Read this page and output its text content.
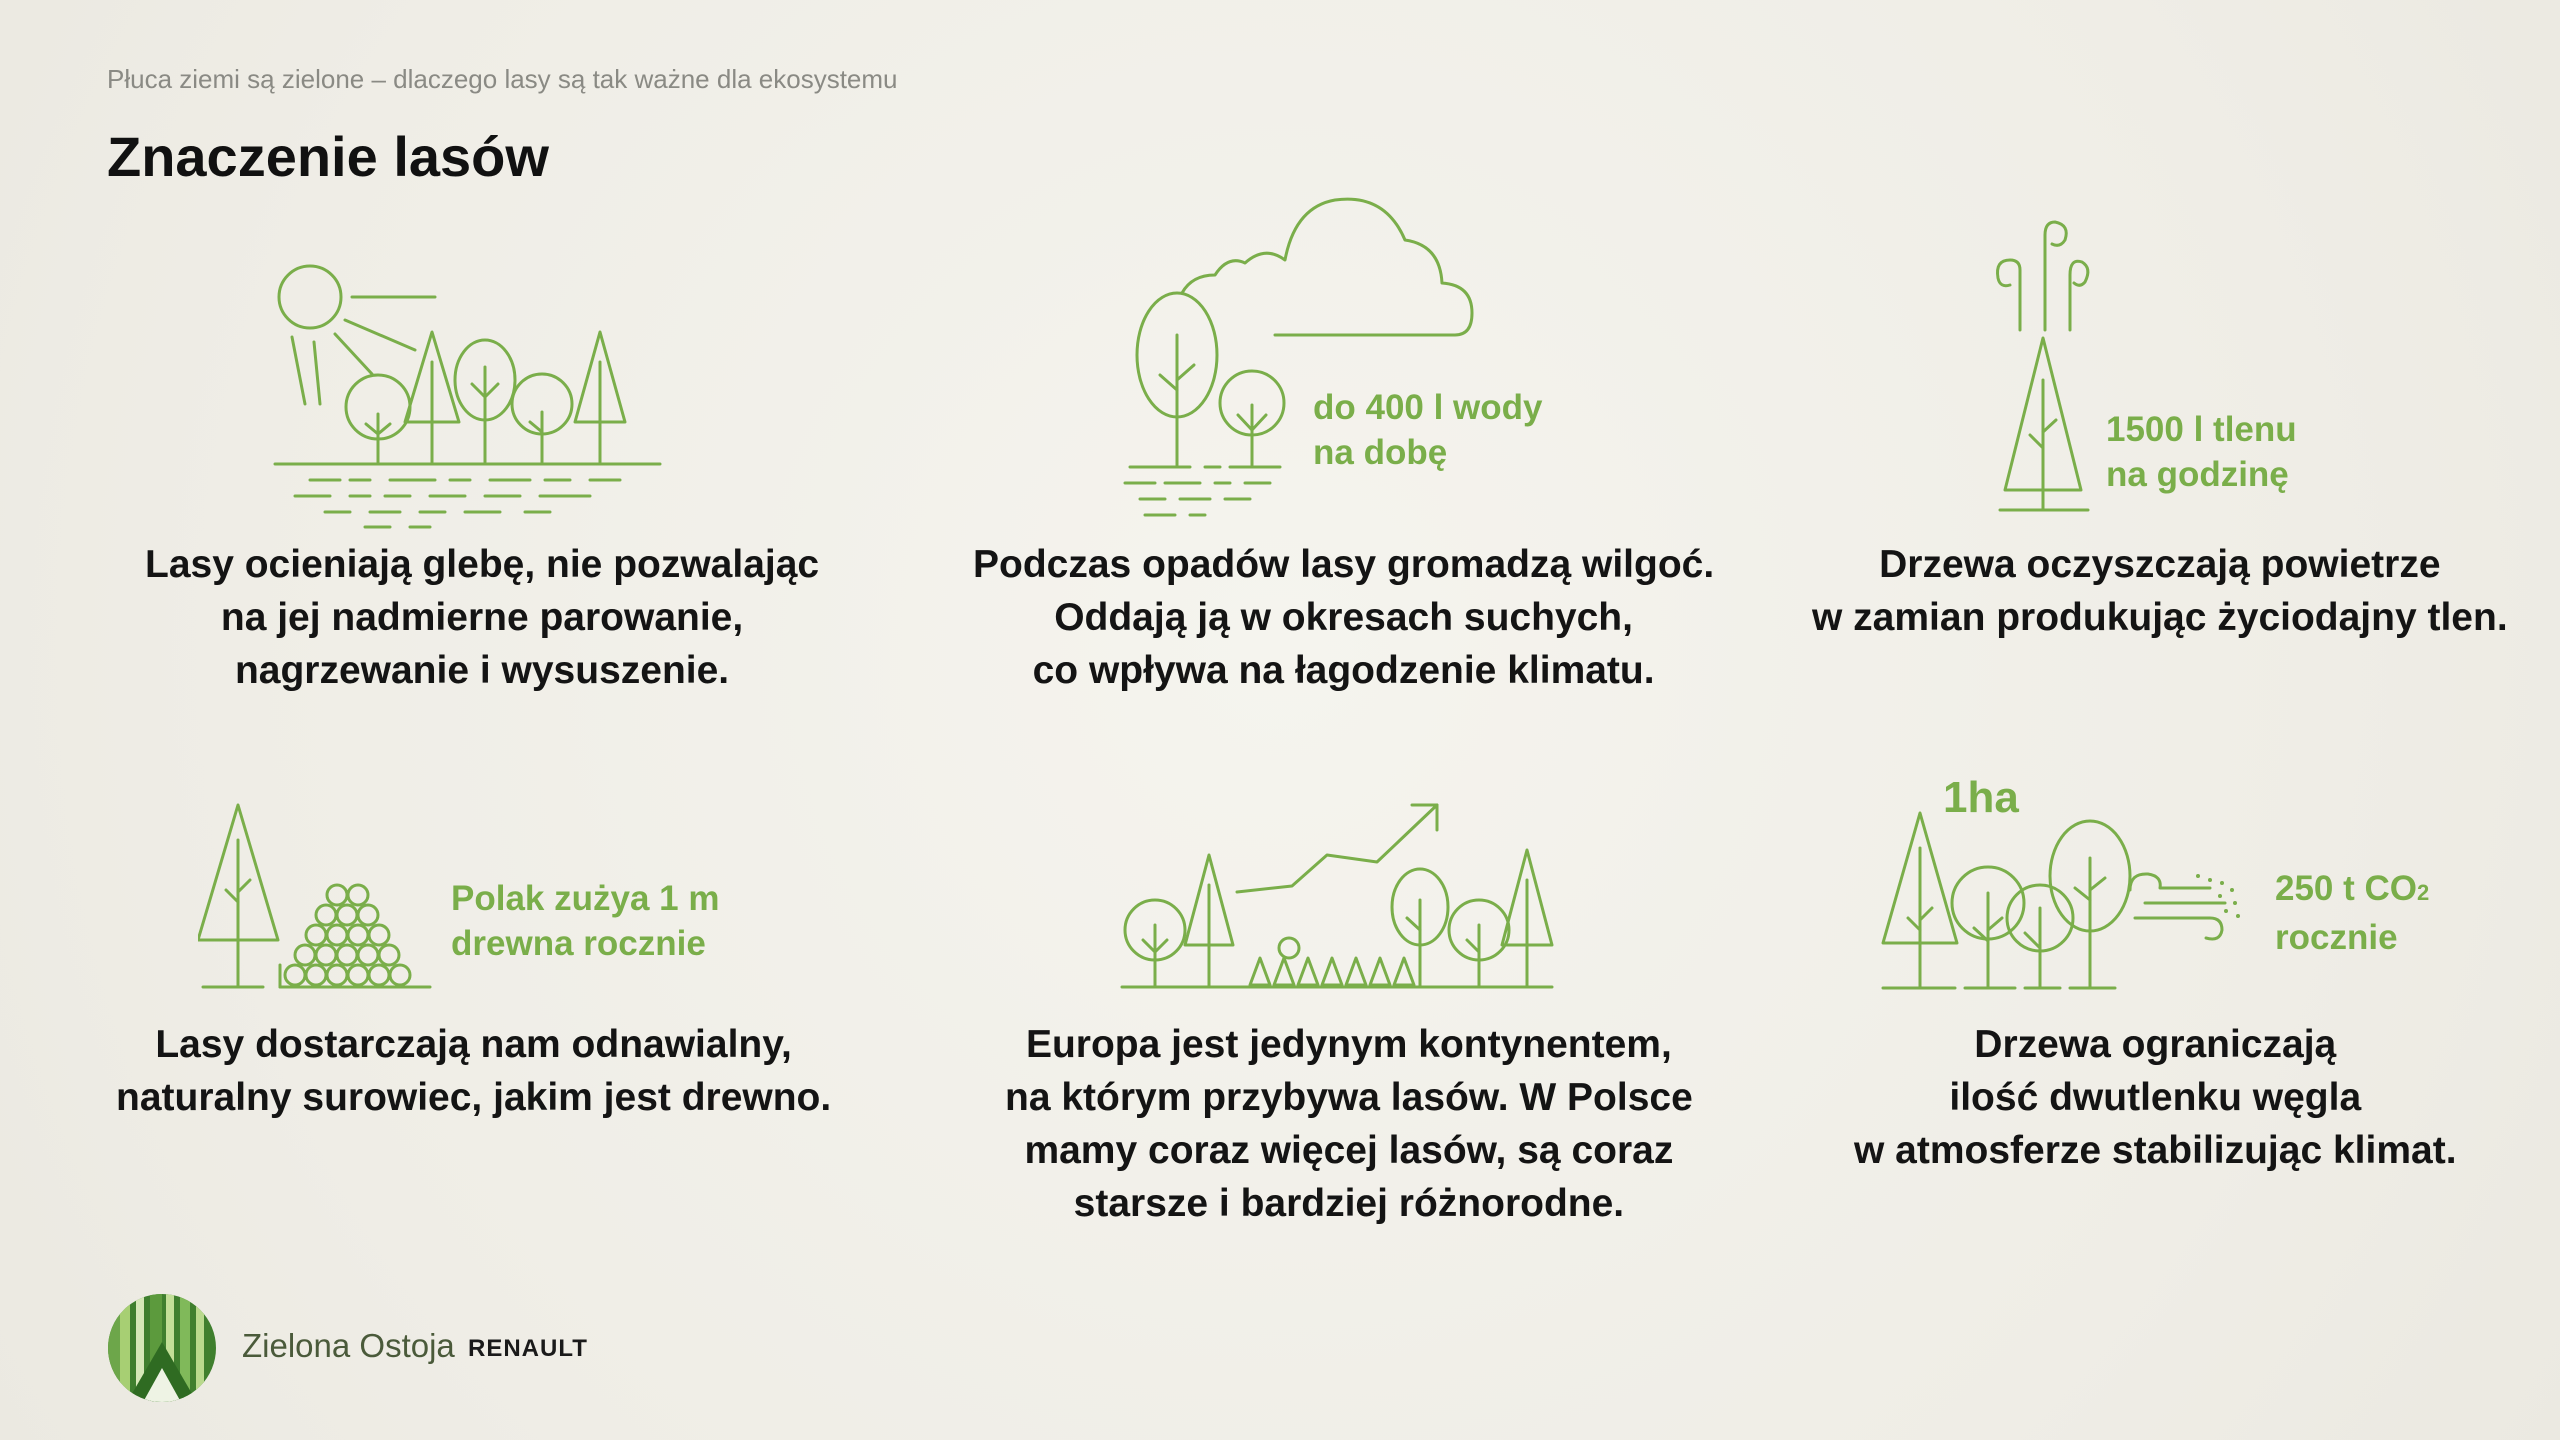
Płuca ziemi są zielone – dlaczego lasy są tak ważne dla ekosystemu
Znaczenie lasów
Lasy ocieniają glebę, nie pozwalając
na jej nadmierne parowanie,
nagrzewanie i wysuszenie.
do 400 l wody
na dobę
Podczas opadów lasy gromadzą wilgoć.
Oddają ją w okresach suchych,
co wpływa na łagodzenie klimatu.
1500 l tlenu
na godzinę
Drzewa oczyszczają powietrze
w zamian produkując życiodajny tlen.
Polak zużya 1 m
drewna rocznie
Lasy dostarczają nam odnawialny,
naturalny surowiec, jakim jest drewno.
Europa jest jedynym kontynentem,
na którym przybywa lasów. W Polsce
mamy coraz więcej lasów, są coraz
starsze i bardziej różnorodne.
1ha
250 t CO2
rocznie
Drzewa ograniczają
ilość dwutlenku węgla
w atmosferze stabilizując klimat.
Zielona Ostoja RENAULT
